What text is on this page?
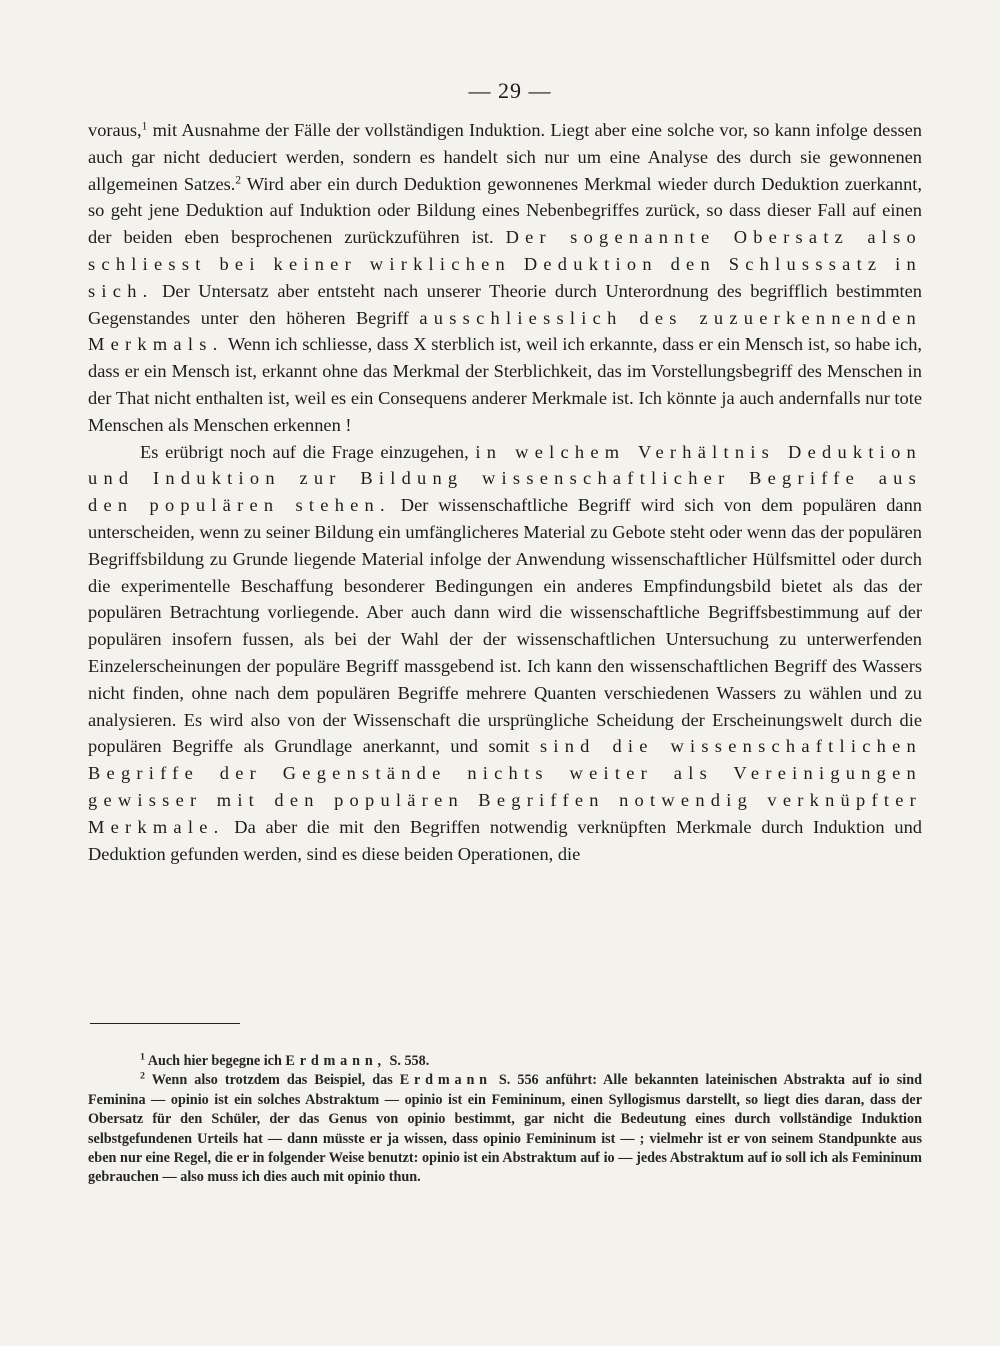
— 29 —

voraus,$^1$ mit Ausnahme der Fälle der vollständigen Induktion. Liegt aber eine solche vor, so kann infolge dessen auch gar nicht deduciert werden, sondern es handelt sich nur um eine Analyse des durch sie gewonnenen allgemeinen Satzes.$^2$ Wird aber ein durch Deduktion gewonnenes Merkmal wieder durch Deduktion zuerkannt, so geht jene Deduktion auf Induktion oder Bildung eines Nebenbegriffes zurück, so dass dieser Fall auf einen der beiden eben besprochenen zurückzuführen ist. Der sogenannte Obersatz also schliesst bei keiner wirklichen Deduktion den Schlusssatz in sich. Der Untersatz aber entsteht nach unserer Theorie durch Unterordnung des begrifflich bestimmten Gegenstandes unter den höheren Begriff ausschliesslich des zuzuerkennenden Merkmals. Wenn ich schliesse, dass X sterblich ist, weil ich erkannte, dass er ein Mensch ist, so habe ich, dass er ein Mensch ist, erkannt ohne das Merkmal der Sterblichkeit, das im Vorstellungsbegriff des Menschen in der That nicht enthalten ist, weil es ein Consequens anderer Merkmale ist. Ich könnte ja auch andernfalls nur tote Menschen als Menschen erkennen !

Es erübrigt noch auf die Frage einzugehen, in welchem Verhältnis Deduktion und Induktion zur Bildung wissenschaftlicher Begriffe aus den populären stehen. Der wissenschaftliche Begriff wird sich von dem populären dann unterscheiden, wenn zu seiner Bildung ein umfänglicheres Material zu Gebote steht oder wenn das der populären Begriffsbildung zu Grunde liegende Material infolge der Anwendung wissenschaftlicher Hülfsmittel oder durch die experimentelle Beschaffung besonderer Bedingungen ein anderes Empfindungsbild bietet als das der populären Betrachtung vorliegende. Aber auch dann wird die wissenschaftliche Begriffsbestimmung auf der populären insofern fussen, als bei der Wahl der der wissenschaftlichen Untersuchung zu unterwerfenden Einzelerscheinungen der populäre Begriff massgebend ist. Ich kann den wissenschaftlichen Begriff des Wassers nicht finden, ohne nach dem populären Begriffe mehrere Quanten verschiedenen Wassers zu wählen und zu analysieren. Es wird also von der Wissenschaft die ursprüngliche Scheidung der Erscheinungswelt durch die populären Begriffe als Grundlage anerkannt, und somit sind die wissenschaftlichen Begriffe der Gegenstände nichts weiter als Vereinigungen gewisser mit den populären Begriffen notwendig verknüpfter Merkmale. Da aber die mit den Begriffen notwendig verknüpften Merkmale durch Induktion und Deduktion gefunden werden, sind es diese beiden Operationen, die

$^1$ Auch hier begegne ich Erdmann, S. 558.

$^2$ Wenn also trotzdem das Beispiel, das Erdmann S. 556 anführt: Alle bekannten lateinischen Abstrakta auf io sind Feminina — opinio ist ein solches Abstraktum — opinio ist ein Femininum, einen Syllogismus darstellt, so liegt dies daran, dass der Obersatz für den Schüler, der das Genus von opinio bestimmt, gar nicht die Bedeutung eines durch vollständige Induktion selbstgefundenen Urteils hat — dann müsste er ja wissen, dass opinio Femininum ist — ; vielmehr ist er von seinem Standpunkte aus eben nur eine Regel, die er in folgender Weise benutzt: opinio ist ein Abstraktum auf io — jedes Abstraktum auf io soll ich als Femininum gebrauchen — also muss ich dies auch mit opinio thun.
